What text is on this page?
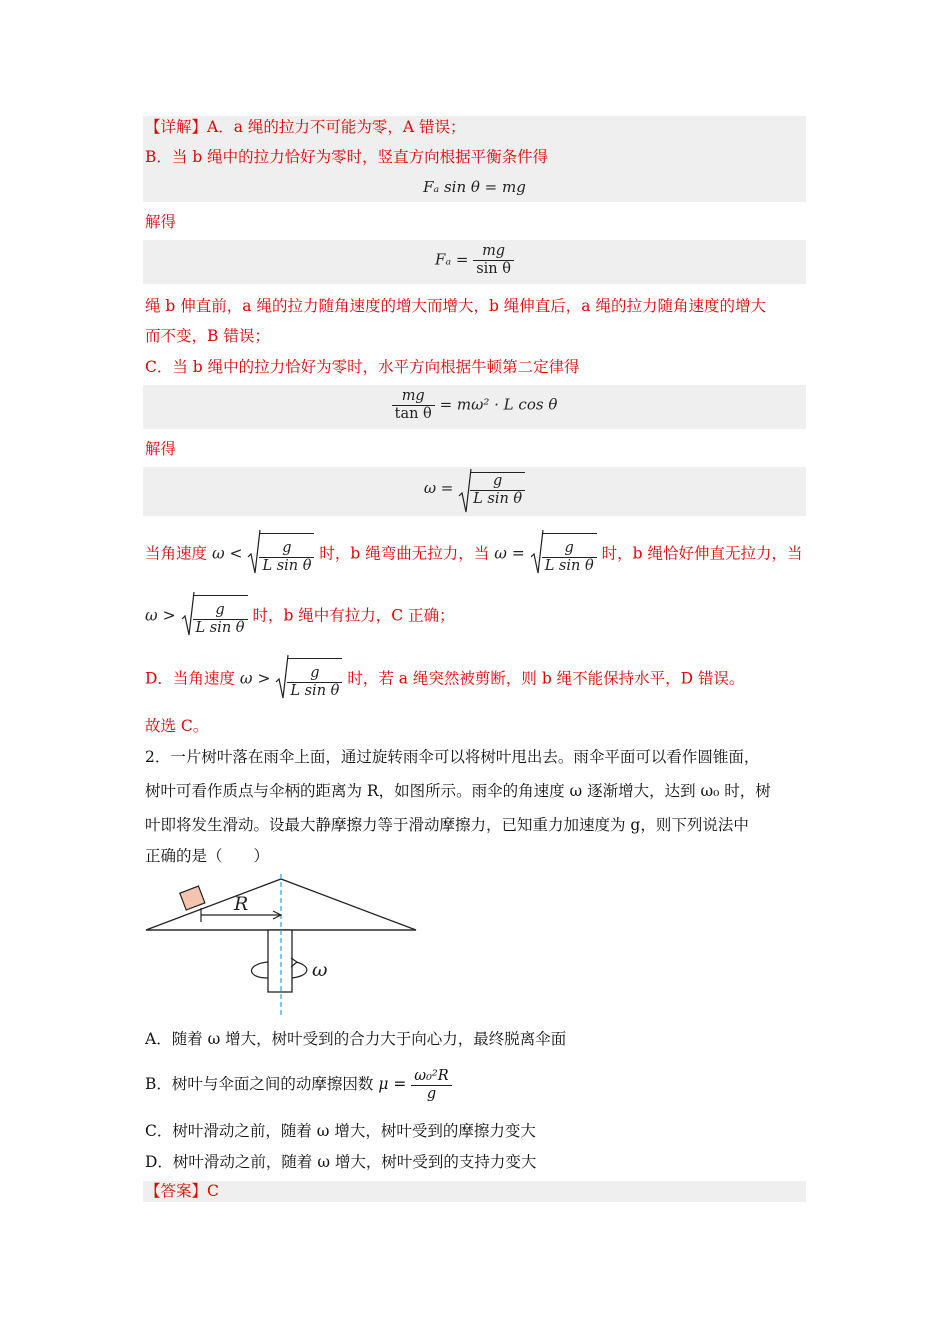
【详解】A．a 绳的拉力不可能为零，A 错误；
B．当 b 绳中的拉力恰好为零时，竖直方向根据平衡条件得
Fₐ sin θ = mg
解得
$F_a = \frac{mg}{\text{sin θ}}$
绳 b 伸直前，a 绳的拉力随角速度的增大而增大，b 绳伸直后，a 绳的拉力随角速度的增大
而不变，B 错误；
C．当 b 绳中的拉力恰好为零时，水平方向根据牛顿第二定律得
$\frac{mg}{\text{tan θ}} = m\omega^2 \cdot L$ cos θ
解得
$\omega = \frac{g}{\text{L sin θ}}$
当角速度 $\omega < \frac{g}{\text{L sin θ}}$ 时，b 绳弯曲无拉力，当 $\omega = \frac{g}{\text{L sin θ}}$ 时，b 绳恰好伸直无拉力，当
$\omega > \frac{g}{\text{L sin θ}}$ 时，b 绳中有拉力，C 正确；
D．当角速度 $\omega > \frac{g}{\text{L sin θ}}$ 时，若 a 绳突然被剪断，则 b 绳不能保持水平，D 错误。
故选 C。
2．一片树叶落在雨伞上面，通过旋转雨伞可以将树叶甩出去。雨伞平面可以看作圆锥面，
树叶可看作质点与伞柄的距离为 R，如图所示。雨伞的角速度 ω 逐渐增大，达到 ω₀ 时，树
叶即将发生滑动。设最大静摩擦力等于滑动摩擦力，已知重力加速度为 g，则下列说法中
正确的是（　　）
R
ω
A．随着 ω 增大，树叶受到的合力大于向心力，最终脱离伞面
B．树叶与伞面之间的动摩擦因数 $\mu = \frac{\text{ω₀²R}}{g}$
C．树叶滑动之前，随着 ω 增大，树叶受到的摩擦力变大
D．树叶滑动之前，随着 ω 增大，树叶受到的支持力变大
【答案】C
